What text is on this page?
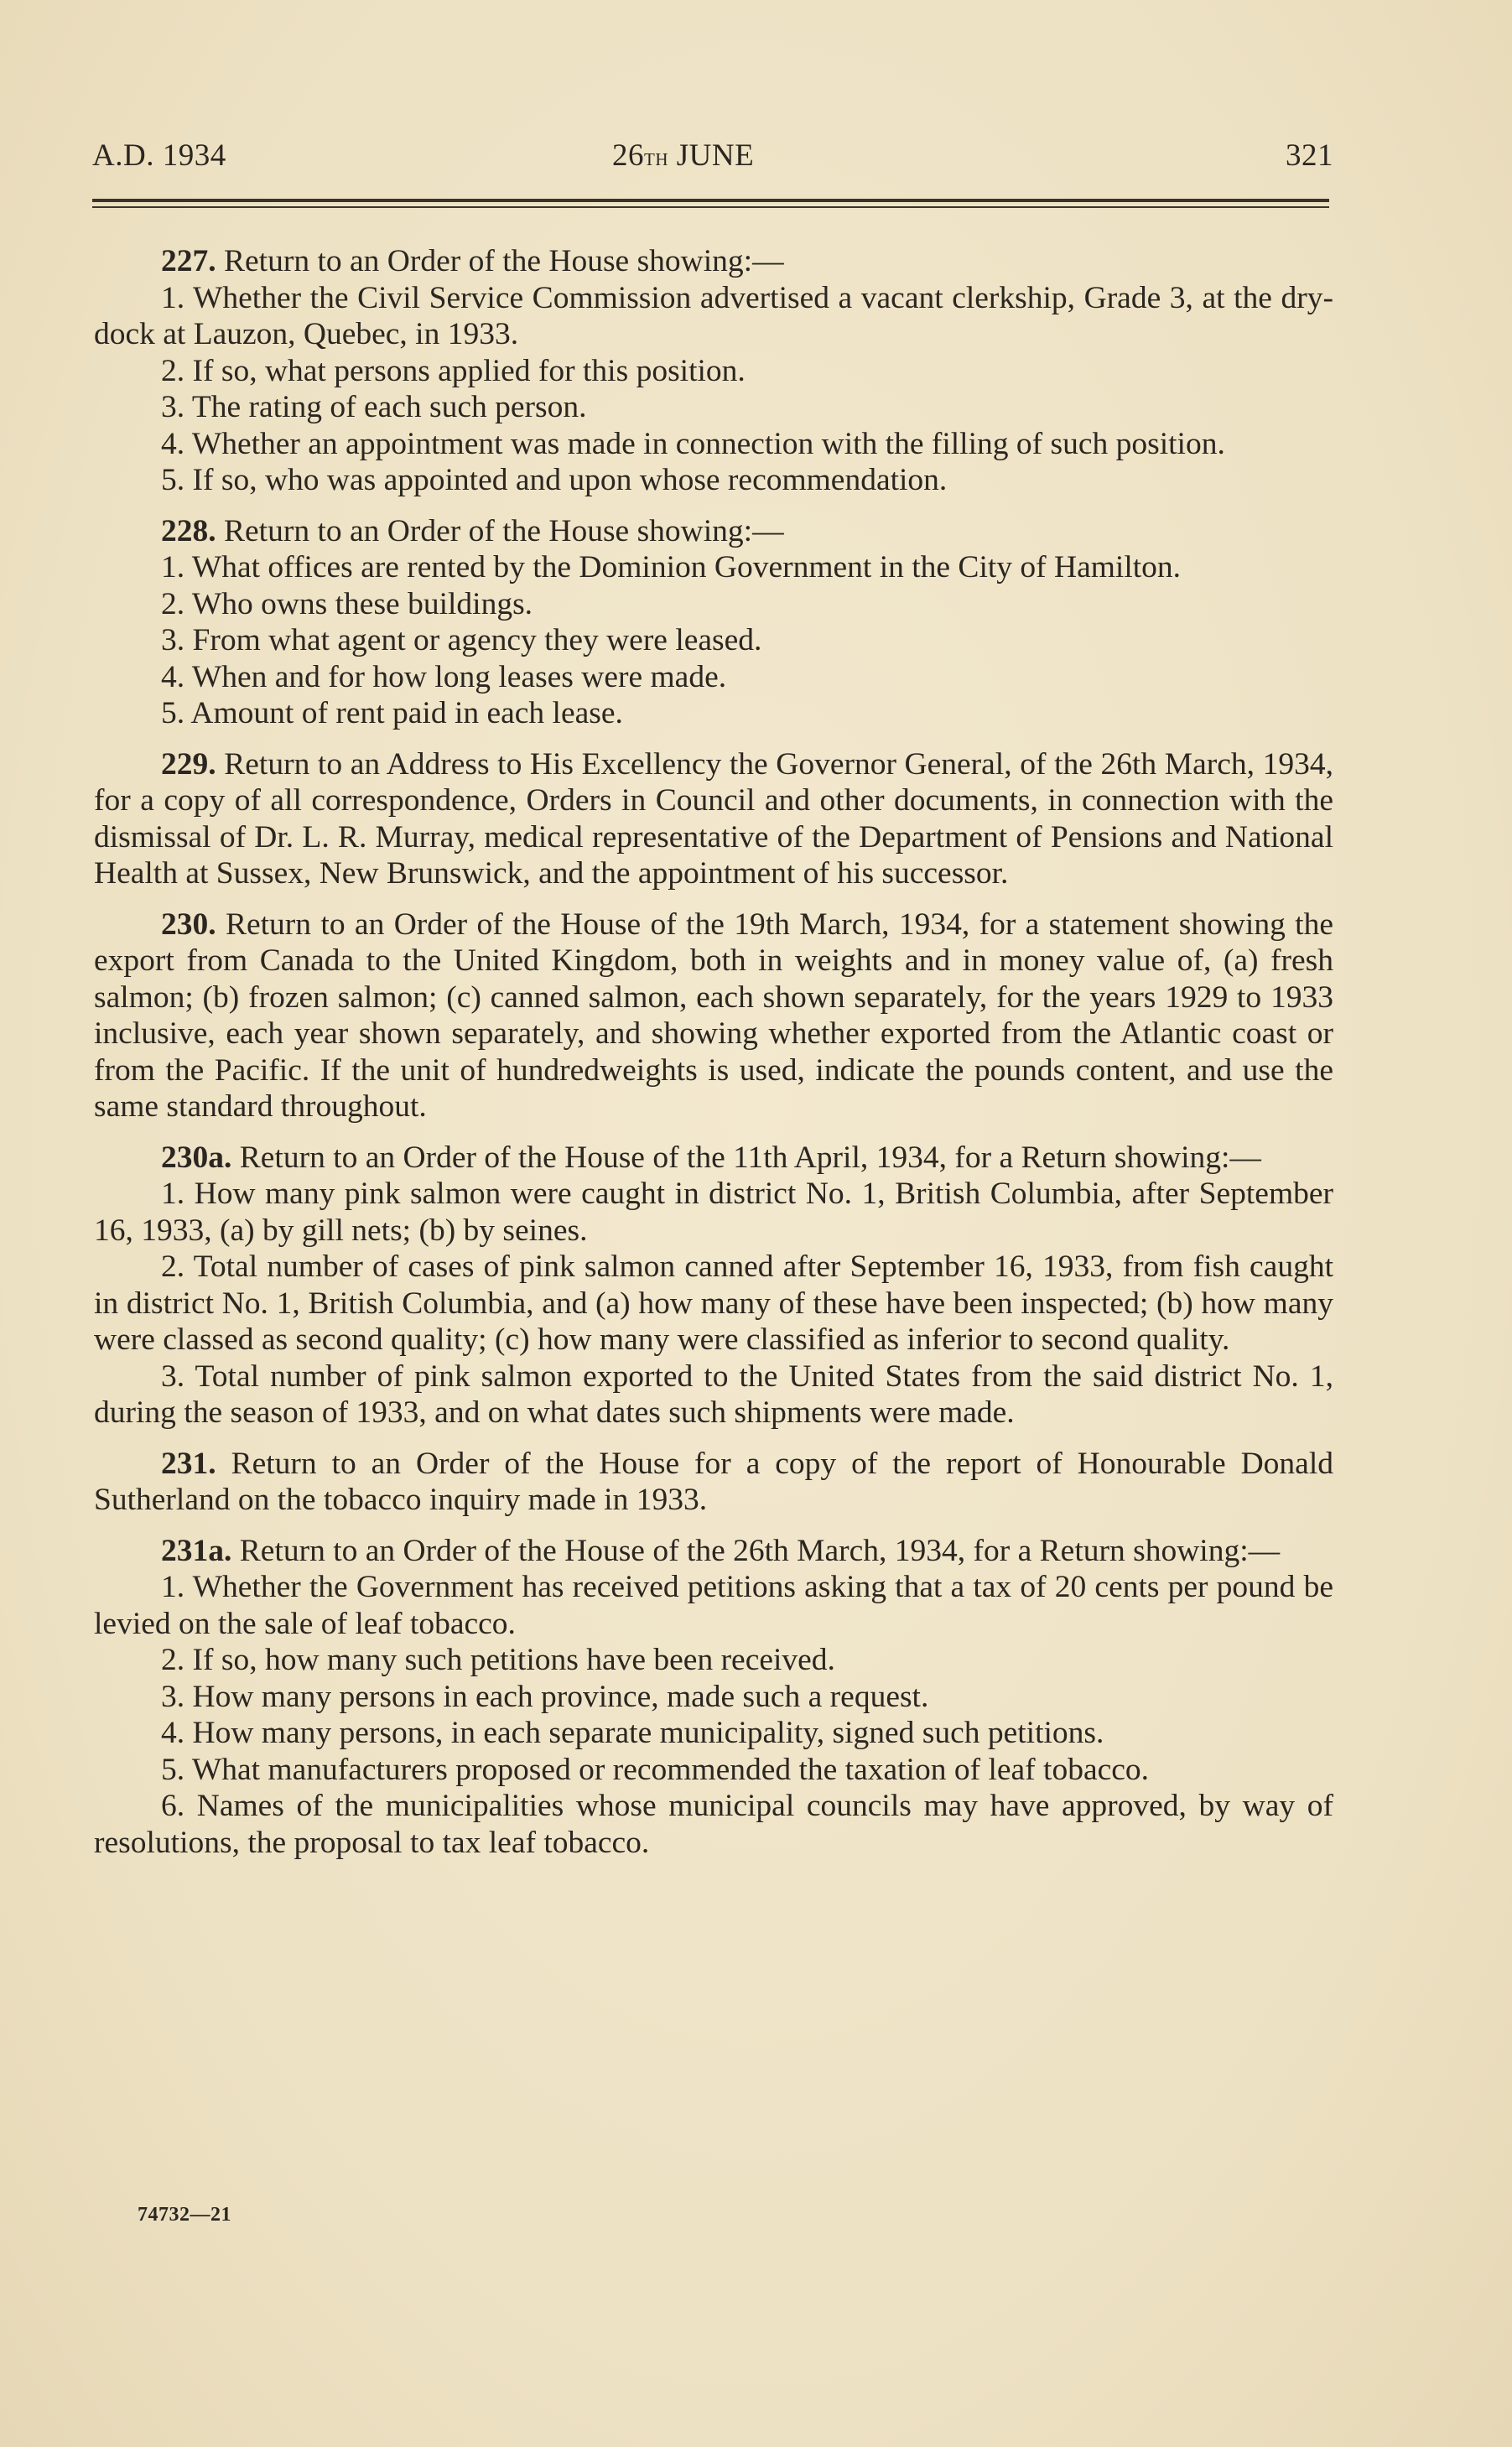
A.D. 1934	26th JUNE	321

227. Return to an Order of the House showing:—

1. Whether the Civil Service Commission advertised a vacant clerkship, Grade 3, at the dry-dock at Lauzon, Quebec, in 1933.

2. If so, what persons applied for this position.

3. The rating of each such person.

4. Whether an appointment was made in connection with the filling of such position.

5. If so, who was appointed and upon whose recommendation.

228. Return to an Order of the House showing:—

1. What offices are rented by the Dominion Government in the City of Hamilton.

2. Who owns these buildings.

3. From what agent or agency they were leased.

4. When and for how long leases were made.

5. Amount of rent paid in each lease.

229. Return to an Address to His Excellency the Governor General, of the 26th March, 1934, for a copy of all correspondence, Orders in Council and other documents, in connection with the dismissal of Dr. L. R. Murray, medical representative of the Department of Pensions and National Health at Sussex, New Brunswick, and the appointment of his successor.

230. Return to an Order of the House of the 19th March, 1934, for a statement showing the export from Canada to the United Kingdom, both in weights and in money value of, (a) fresh salmon; (b) frozen salmon; (c) canned salmon, each shown separately, for the years 1929 to 1933 inclusive, each year shown separately, and showing whether exported from the Atlantic coast or from the Pacific. If the unit of hundredweights is used, indicate the pounds content, and use the same standard throughout.

230a. Return to an Order of the House of the 11th April, 1934, for a Return showing:—

1. How many pink salmon were caught in district No. 1, British Columbia, after September 16, 1933, (a) by gill nets; (b) by seines.

2. Total number of cases of pink salmon canned after September 16, 1933, from fish caught in district No. 1, British Columbia, and (a) how many of these have been inspected; (b) how many were classed as second quality; (c) how many were classified as inferior to second quality.

3. Total number of pink salmon exported to the United States from the said district No. 1, during the season of 1933, and on what dates such shipments were made.

231. Return to an Order of the House for a copy of the report of Honourable Donald Sutherland on the tobacco inquiry made in 1933.

231a. Return to an Order of the House of the 26th March, 1934, for a Return showing:—

1. Whether the Government has received petitions asking that a tax of 20 cents per pound be levied on the sale of leaf tobacco.

2. If so, how many such petitions have been received.

3. How many persons in each province, made such a request.

4. How many persons, in each separate municipality, signed such petitions.

5. What manufacturers proposed or recommended the taxation of leaf tobacco.

6. Names of the municipalities whose municipal councils may have approved, by way of resolutions, the proposal to tax leaf tobacco.

74732—21
